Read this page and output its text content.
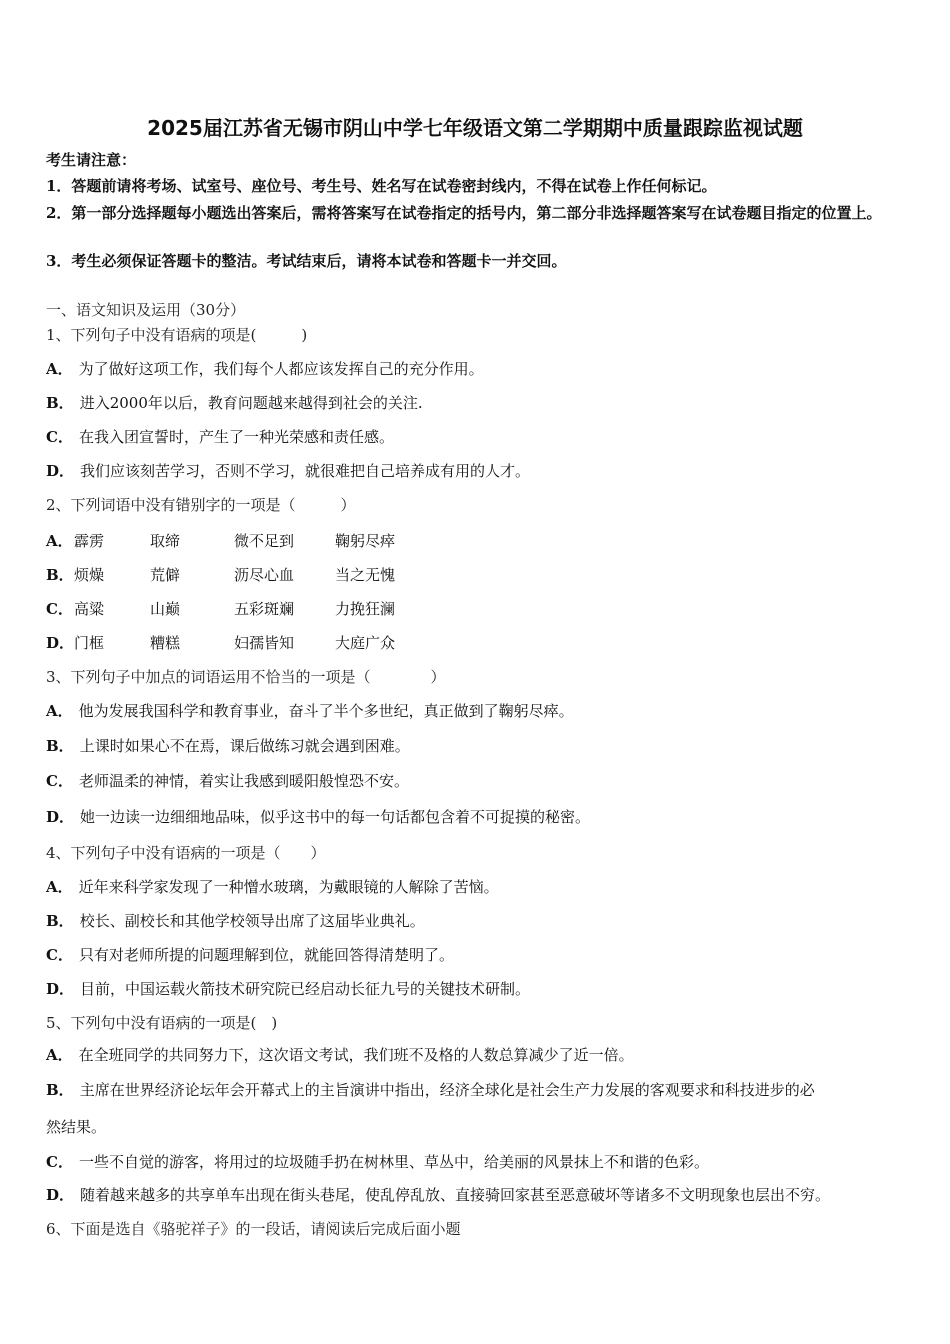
2025届江苏省无锡市阴山中学七年级语文第二学期期中质量跟踪监视试题
考生请注意：
1．答题前请将考场、试室号、座位号、考生号、姓名写在试卷密封线内，不得在试卷上作任何标记。
2．第一部分选择题每小题选出答案后，需将答案写在试卷指定的括号内，第二部分非选择题答案写在试卷题目指定的位置上。
3．考生必须保证答题卡的整洁。考试结束后，请将本试卷和答题卡一并交回。
一、语文知识及运用（30分）
1、下列句子中没有语病的项是(　　　)
A． 为了做好这项工作，我们每个人都应该发挥自己的充分作用。
B． 进入2000年以后，教育问题越来越得到社会的关注.
C． 在我入团宣誓时，产生了一种光荣感和责任感。
D． 我们应该刻苦学习，否则不学习，就很难把自己培养成有用的人才。
2、下列词语中没有错别字的一项是（　　　）
A． 霹雳	取缔	微不足到	鞠躬尽瘁
B． 烦燥	荒僻	沥尽心血	当之无愧
C． 高粱	山巅	五彩斑斓	力挽狂澜
D． 门框	糟糕	妇孺皆知	大庭广众
3、下列句子中加点的词语运用不恰当的一项是（　　　　）
A． 他为发展我国科学和教育事业，奋斗了半个多世纪，真正做到了鞠躬尽瘁。
B． 上课时如果心不在焉，课后做练习就会遇到困难。
C． 老师温柔的神情，着实让我感到暖阳般惶恐不安。
D． 她一边读一边细细地品味，似乎这书中的每一句话都包含着不可捉摸的秘密。
4、下列句子中没有语病的一项是（　　）
A． 近年来科学家发现了一种憎水玻璃，为戴眼镜的人解除了苦恼。
B． 校长、副校长和其他学校领导出席了这届毕业典礼。
C． 只有对老师所提的问题理解到位，就能回答得清楚明了。
D． 目前，中国运载火箭技术研究院已经启动长征九号的关键技术研制。
5、下列句中没有语病的一项是(　)
A． 在全班同学的共同努力下，这次语文考试，我们班不及格的人数总算减少了近一倍。
B． 主席在世界经济论坛年会开幕式上的主旨演讲中指出，经济全球化是社会生产力发展的客观要求和科技进步的必
然结果。
C． 一些不自觉的游客，将用过的垃圾随手扔在树林里、草丛中，给美丽的风景抹上不和谐的色彩。
D． 随着越来越多的共享单车出现在街头巷尾，使乱停乱放、直接骑回家甚至恶意破坏等诸多不文明现象也层出不穷。
6、下面是选自《骆驼祥子》的一段话，请阅读后完成后面小题
